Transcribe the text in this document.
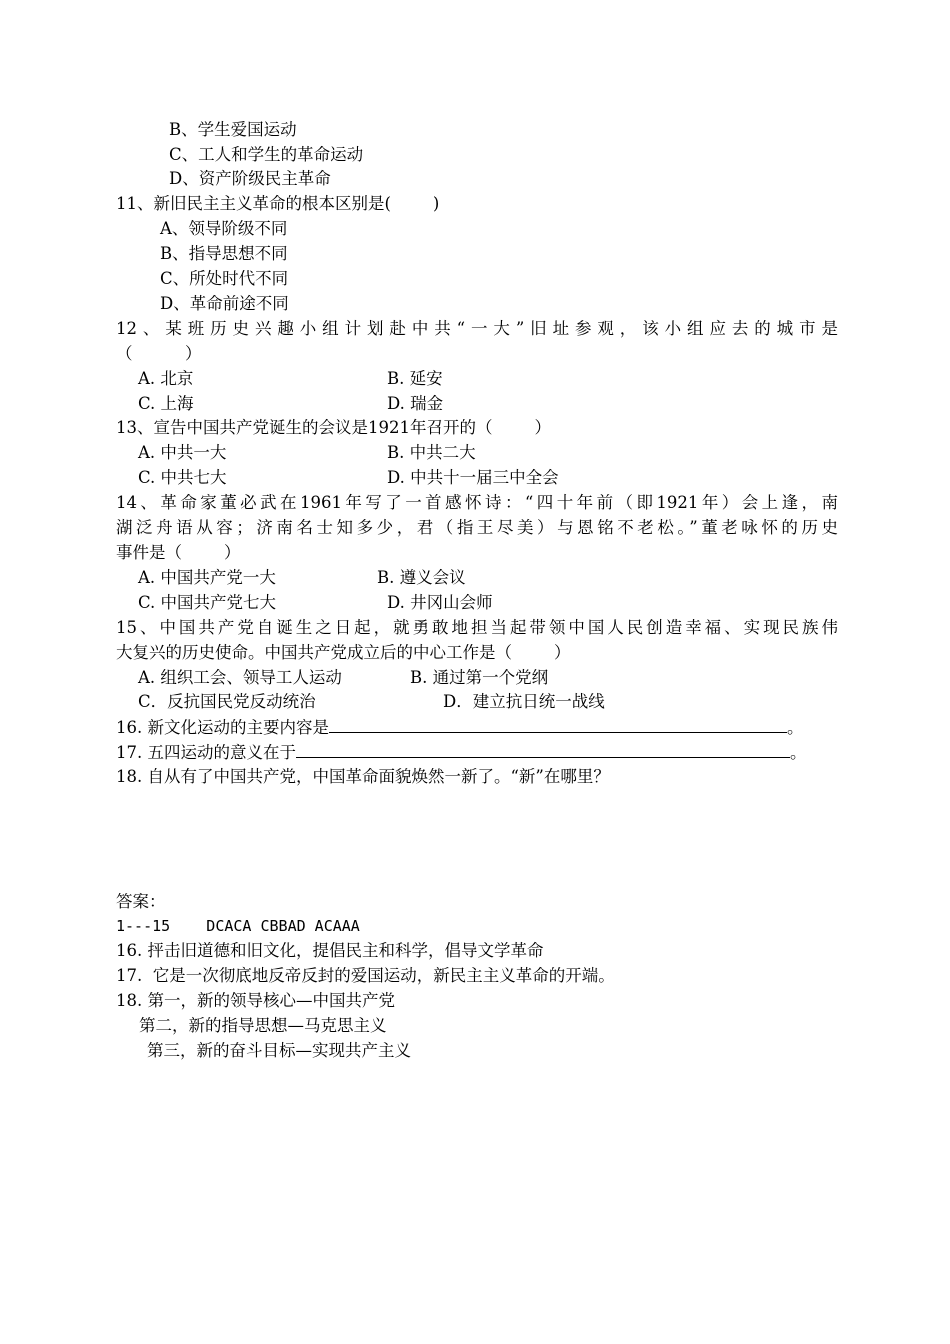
B、学生爱国运动
C、工人和学生的革命运动
D、资产阶级民主革命
11、新旧民主主义革命的根本区别是(        )
A、领导阶级不同
B、指导思想不同
C、所处时代不同
D、革命前途不同
12、某班历史兴趣小组计划赴中共“一大”旧址参观，该小组应去的城市是
（          ）
A. 北京	B. 延安
C. 上海	D. 瑞金
13、宣告中国共产党诞生的会议是1921年召开的（        ）
A. 中共一大	B. 中共二大
C. 中共七大	D. 中共十一届三中全会
14、革命家董必武在1961年写了一首感怀诗：“四十年前（即1921年）会上逢，南
湖泛舟语从容；济南名士知多少，君（指王尽美）与恩铭不老松。”董老咏怀的历史
事件是（        ）
A. 中国共产党一大	B. 遵义会议
C. 中国共产党七大	D. 井冈山会师
15、中国共产党自诞生之日起，就勇敢地担当起带领中国人民创造幸福、实现民族伟
大复兴的历史使命。中国共产党成立后的中心工作是（        ）
A. 组织工会、领导工人运动	B. 通过第一个党纲
C．反抗国民党反动统治	D．建立抗日统一战线
16. 新文化运动的主要内容是	。
17. 五四运动的意义在于	。
18. 自从有了中国共产党，中国革命面貌焕然一新了。“新”在哪里？
答案：
1---15    DCACA CBBAD ACAAA
16. 抨击旧道德和旧文化，提倡民主和科学，倡导文学革命
17.  它是一次彻底地反帝反封的爱国运动，新民主主义革命的开端。
18. 第一，新的领导核心—中国共产党
第二，新的指导思想—马克思主义
第三，新的奋斗目标—实现共产主义
